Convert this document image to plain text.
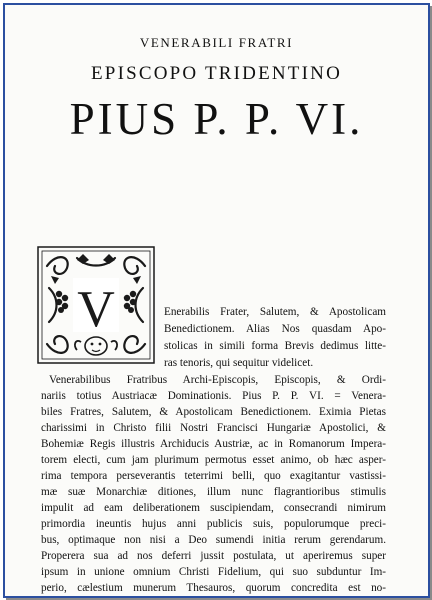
VENERABILI FRATRI
EPISCOPO TRIDENTINO
PIUS P. P. VI.
V	Enerabilis Frater, Salutem, & Apostolicam
Benedictionem. Alias Nos quasdam Apo-
stolicas in simili forma Brevis dedimus litte-
ras tenoris, qui sequitur videlicet.
Venerabilibus Fratribus Archi-Episcopis, Episcopis, & Ordi-
nariis totius Austriacæ Dominationis. Pius P. P. VI. = Venera-
biles Fratres, Salutem, & Apostolicam Benedictionem. Eximia Pietas
charissimi in Christo filii Nostri Francisci Hungariæ Apostolici, &
Bohemiæ Regis illustris Archiducis Austriæ, ac in Romanorum Impera-
torem electi, cum jam plurimum permotus esset animo, ob hæc asper-
rima tempora perseverantis teterrimi belli, quo exagitantur vastissi-
mæ suæ Monarchiæ ditiones, illum nunc flagrantioribus stimulis
impulit ad eam deliberationem suscipiendam, consecrandi nimirum
primordia ineuntis hujus anni publicis suis, populorumque preci-
bus, optimaque non nisi a Deo sumendi initia rerum gerendarum.
Properera sua ad nos deferri jussit postulata, ut aperiremus super
ipsum in unione omnium Christi Fidelium, qui suo subduntur Im-
perio, cælestium munerum Thesauros, quorum concredita est no-
